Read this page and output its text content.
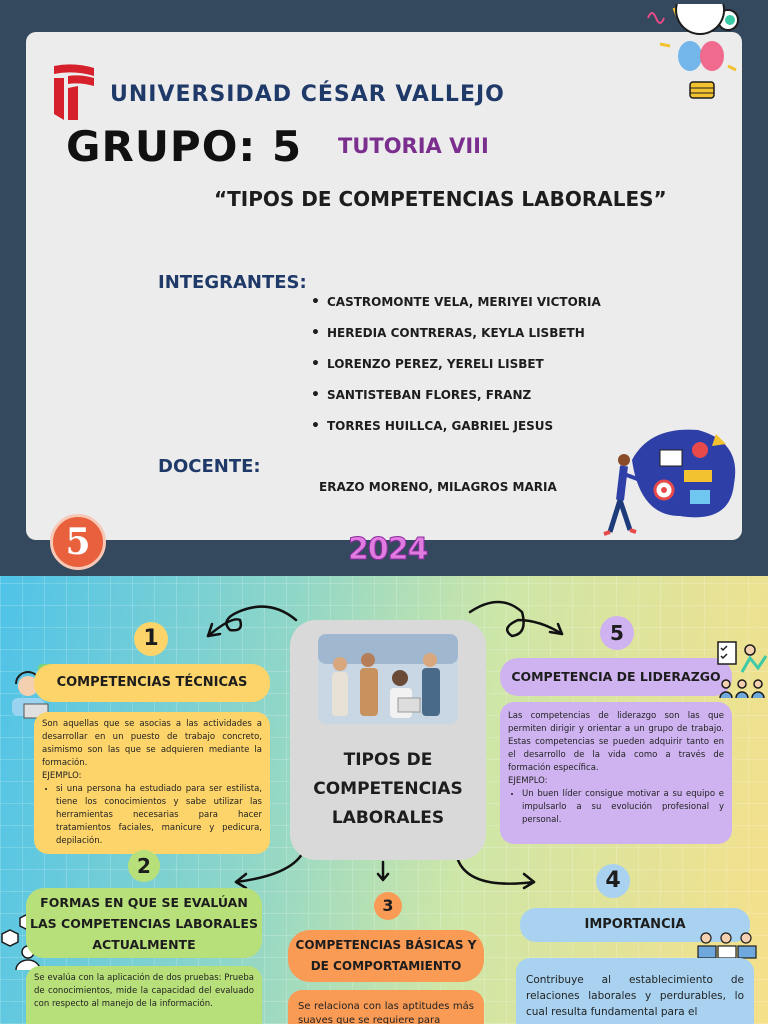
UNIVERSIDAD CÉSAR VALLEJO
GRUPO: 5 TUTORIA VIII
“TIPOS DE COMPETENCIAS LABORALES”
INTEGRANTES:
• CASTROMONTE VELA, MERIYEI VICTORIA
• HEREDIA CONTRERAS, KEYLA LISBETH
• LORENZO PEREZ, YERELI LISBET
• SANTISTEBAN FLORES, FRANZ
• TORRES HUILLCA, GABRIEL JESUS
DOCENTE:
ERAZO MORENO, MILAGROS MARIA
5	2024
TIPOS DE COMPETENCIAS LABORALES
1
COMPETENCIAS TÉCNICAS

Son aquellas que se asocias a las actividades a desarrollar en un puesto de trabajo concreto, asimismo son las que se adquieren mediante la formación.

EJEMPLO:

• si una persona ha estudiado para ser estilista, tiene los conocimientos y sabe utilizar las herramientas necesarias para hacer tratamientos faciales, manicure y pedicura, depilación.
2
FORMAS EN QUE SE EVALÚAN LAS COMPETENCIAS LABORALES ACTUALMENTE

Se evalúa con la aplicación de dos pruebas: Prueba de conocimientos, mide la capacidad del evaluado con respecto al manejo de la información.

3
COMPETENCIAS BÁSICAS Y DE COMPORTAMIENTO

Se relaciona con las aptitudes más suaves que se requiere para

4
IMPORTANCIA

Contribuye al establecimiento de relaciones laborales y perdurables, lo cual resulta fundamental para el

5
COMPETENCIA DE LIDERAZGO

Las competencias de liderazgo son las que permiten dirigir y orientar a un grupo de trabajo. Estas competencias se pueden adquirir tanto en el desarrollo de la vida como a través de formación específica.

EJEMPLO:

• Un buen líder consigue motivar a su equipo e impulsarlo a su evolución profesional y personal.
